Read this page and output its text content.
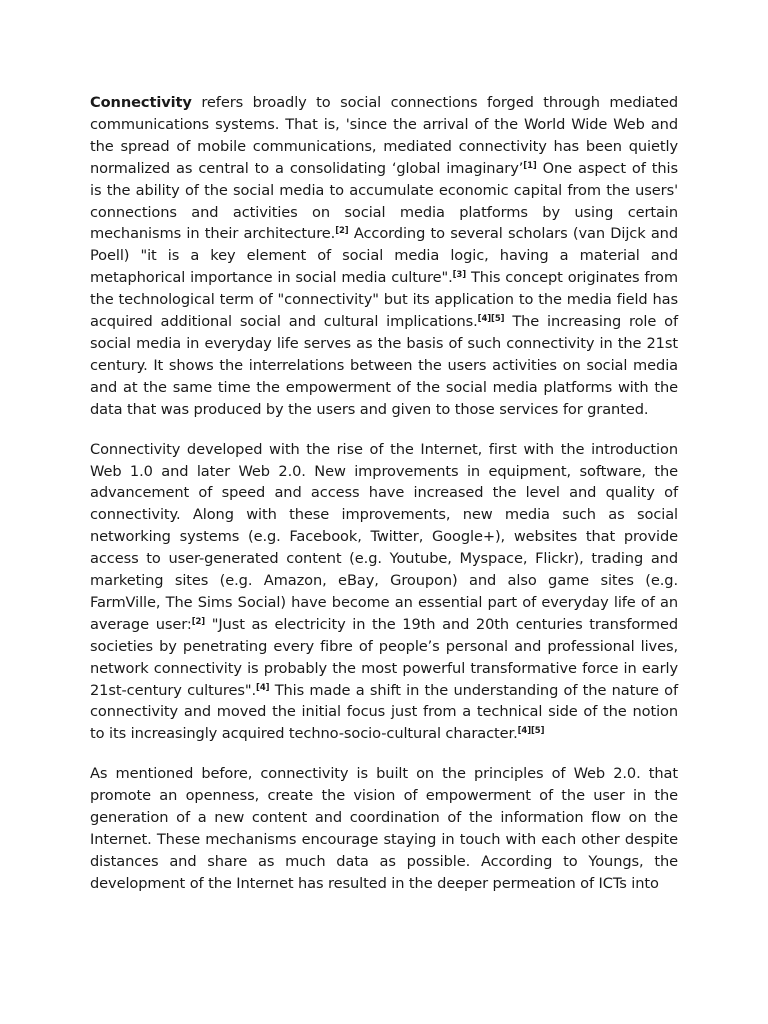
Connectivity refers broadly to social connections forged through mediated communications systems. That is, 'since the arrival of the World Wide Web and the spread of mobile communications, mediated connectivity has been quietly normalized as central to a consolidating ‘global imaginary’[1] One aspect of this is the ability of the social media to accumulate economic capital from the users' connections and activities on social media platforms by using certain mechanisms in their architecture.[2] According to several scholars (van Dijck and Poell) "it is a key element of social media logic, having a material and metaphorical importance in social media culture".[3] This concept originates from the technological term of "connectivity" but its application to the media field has acquired additional social and cultural implications.[4][5] The increasing role of social media in everyday life serves as the basis of such connectivity in the 21st century. It shows the interrelations between the users activities on social media and at the same time the empowerment of the social media platforms with the data that was produced by the users and given to those services for granted.

Connectivity developed with the rise of the Internet, first with the introduction Web 1.0 and later Web 2.0. New improvements in equipment, software, the advancement of speed and access have increased the level and quality of connectivity. Along with these improvements, new media such as social networking systems (e.g. Facebook, Twitter, Google+), websites that provide access to user-generated content (e.g. Youtube, Myspace, Flickr), trading and marketing sites (e.g. Amazon, eBay, Groupon) and also game sites (e.g. FarmVille, The Sims Social) have become an essential part of everyday life of an average user:[2] "Just as electricity in the 19th and 20th centuries transformed societies by penetrating every fibre of people’s personal and professional lives, network connectivity is probably the most powerful transformative force in early 21st-century cultures".[4] This made a shift in the understanding of the nature of connectivity and moved the initial focus just from a technical side of the notion to its increasingly acquired techno-socio-cultural character.[4][5]

As mentioned before, connectivity is built on the principles of Web 2.0. that promote an openness, create the vision of empowerment of the user in the generation of a new content and coordination of the information flow on the Internet. These mechanisms encourage staying in touch with each other despite distances and share as much data as possible. According to Youngs, the development of the Internet has resulted in the deeper permeation of ICTs into
